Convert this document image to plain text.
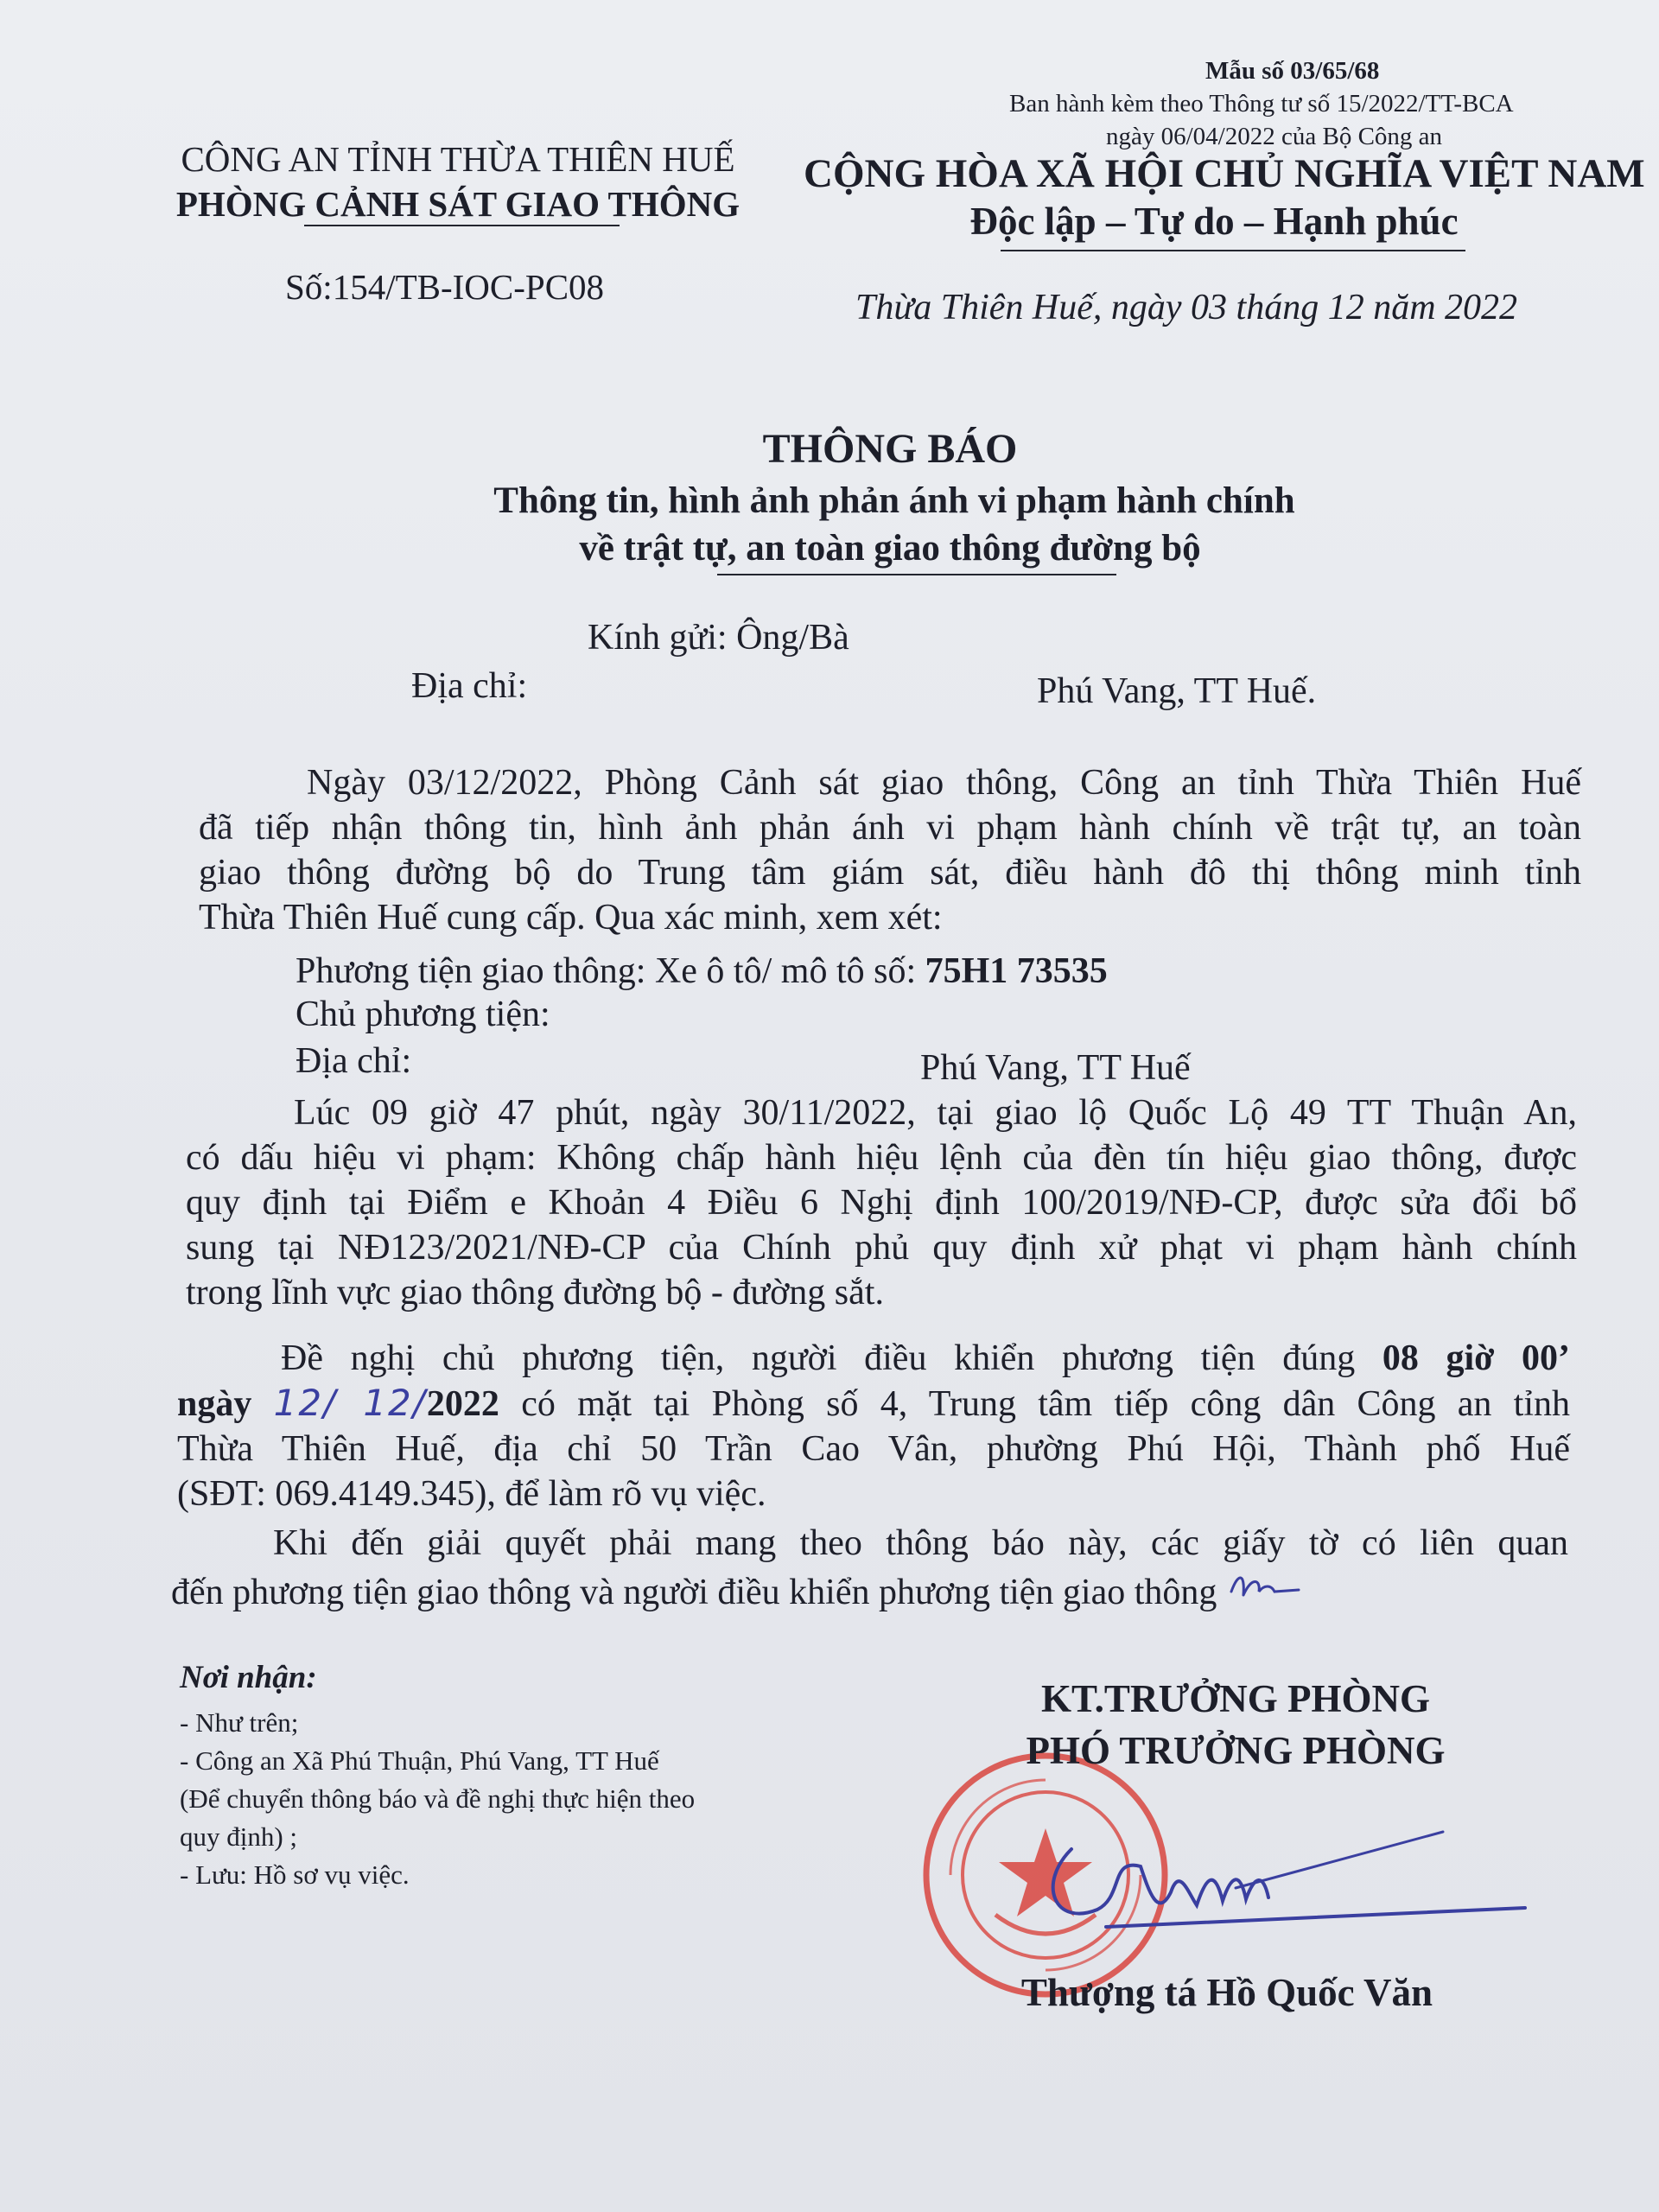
Mẫu số 03/65/68
Ban hành kèm theo Thông tư số 15/2022/TT-BCA
ngày 06/04/2022 của Bộ Công an
CÔNG AN TỈNH THỪA THIÊN HUẾ
PHÒNG CẢNH SÁT GIAO THÔNG
Số:154/TB-IOC-PC08
CỘNG HÒA XÃ HỘI CHỦ NGHĨA VIỆT NAM
Độc lập – Tự do – Hạnh phúc
Thừa Thiên Huế, ngày 03 tháng 12 năm 2022
THÔNG BÁO
Thông tin, hình ảnh phản ánh vi phạm hành chính
về trật tự, an toàn giao thông đường bộ
Kính gửi: Ông/Bà
Địa chỉ:	Phú Vang, TT Huế.
Ngày 03/12/2022, Phòng Cảnh sát giao thông, Công an tỉnh Thừa Thiên Huế
đã tiếp nhận thông tin, hình ảnh phản ánh vi phạm hành chính về trật tự, an toàn
giao thông đường bộ do Trung tâm giám sát, điều hành đô thị thông minh tỉnh
Thừa Thiên Huế cung cấp. Qua xác minh, xem xét:
Phương tiện giao thông: Xe ô tô/ mô tô số: 75H1 73535
Chủ phương tiện:
Địa chỉ:	Phú Vang, TT Huế
Lúc 09 giờ 47 phút, ngày 30/11/2022, tại giao lộ Quốc Lộ 49 TT Thuận An,
có dấu hiệu vi phạm: Không chấp hành hiệu lệnh của đèn tín hiệu giao thông, được
quy định tại Điểm e Khoản 4 Điều 6 Nghị định 100/2019/NĐ-CP, được sửa đổi bổ
sung tại NĐ123/2021/NĐ-CP của Chính phủ quy định xử phạt vi phạm hành chính
trong lĩnh vực giao thông đường bộ - đường sắt.
Đề nghị chủ phương tiện, người điều khiển phương tiện đúng 08 giờ 00’
ngày 12/ 12/2022 có mặt tại Phòng số 4, Trung tâm tiếp công dân Công an tỉnh
Thừa Thiên Huế, địa chỉ 50 Trần Cao Vân, phường Phú Hội, Thành phố Huế
(SĐT: 069.4149.345), để làm rõ vụ việc.
Khi đến giải quyết phải mang theo thông báo này, các giấy tờ có liên quan
đến phương tiện giao thông và người điều khiển phương tiện giao thông
Nơi nhận:
- Như trên;
- Công an Xã Phú Thuận, Phú Vang, TT Huế
(Để chuyển thông báo và đề nghị thực hiện theo
quy định) ;
- Lưu: Hồ sơ vụ việc.
KT.TRƯỞNG PHÒNG
PHÓ TRƯỞNG PHÒNG
Thượng tá Hồ Quốc Văn
